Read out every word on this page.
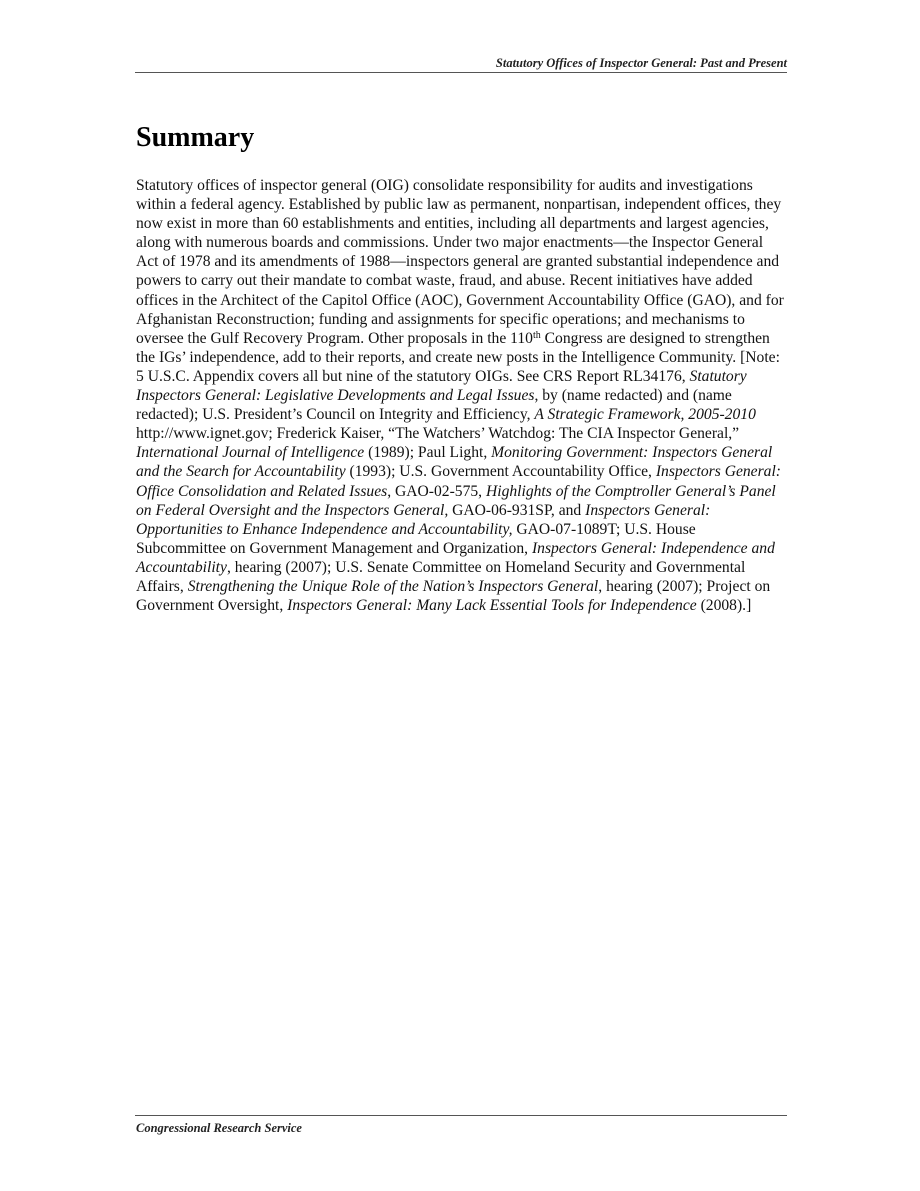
Statutory Offices of Inspector General: Past and Present
Summary

Statutory offices of inspector general (OIG) consolidate responsibility for audits and investigations within a federal agency. Established by public law as permanent, nonpartisan, independent offices, they now exist in more than 60 establishments and entities, including all departments and largest agencies, along with numerous boards and commissions. Under two major enactments—the Inspector General Act of 1978 and its amendments of 1988—inspectors general are granted substantial independence and powers to carry out their mandate to combat waste, fraud, and abuse. Recent initiatives have added offices in the Architect of the Capitol Office (AOC), Government Accountability Office (GAO), and for Afghanistan Reconstruction; funding and assignments for specific operations; and mechanisms to oversee the Gulf Recovery Program. Other proposals in the 110th Congress are designed to strengthen the IGs’ independence, add to their reports, and create new posts in the Intelligence Community. [Note: 5 U.S.C. Appendix covers all but nine of the statutory OIGs. See CRS Report RL34176, Statutory Inspectors General: Legislative Developments and Legal Issues, by (name redacted) and (name redacted); U.S. President’s Council on Integrity and Efficiency, A Strategic Framework, 2005-2010 http://www.ignet.gov; Frederick Kaiser, “The Watchers’ Watchdog: The CIA Inspector General,” International Journal of Intelligence (1989); Paul Light, Monitoring Government: Inspectors General and the Search for Accountability (1993); U.S. Government Accountability Office, Inspectors General: Office Consolidation and Related Issues, GAO-02-575, Highlights of the Comptroller General’s Panel on Federal Oversight and the Inspectors General, GAO-06-931SP, and Inspectors General: Opportunities to Enhance Independence and Accountability, GAO-07-1089T; U.S. House Subcommittee on Government Management and Organization, Inspectors General: Independence and Accountability, hearing (2007); U.S. Senate Committee on Homeland Security and Governmental Affairs, Strengthening the Unique Role of the Nation’s Inspectors General, hearing (2007); Project on Government Oversight, Inspectors General: Many Lack Essential Tools for Independence (2008).]

Congressional Research Service
